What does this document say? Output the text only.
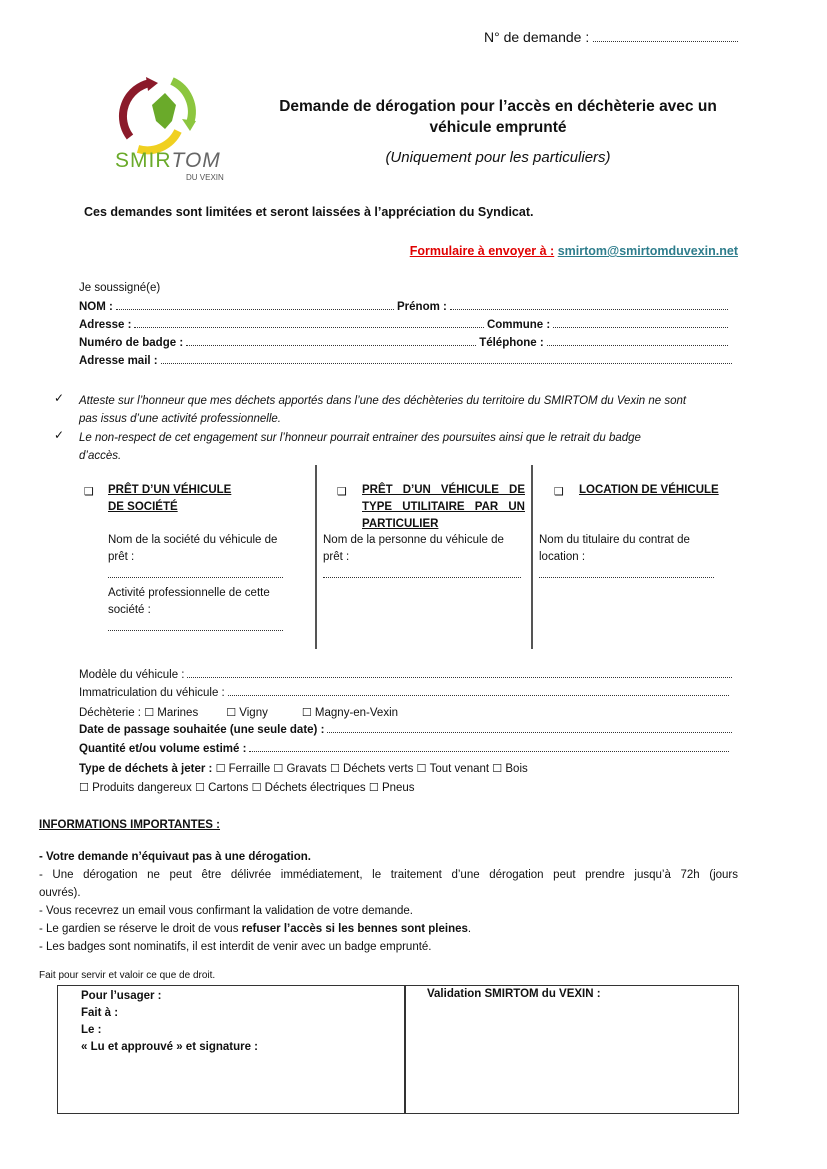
N° de demande :
SMIRTOM
DU VEXIN
Demande de dérogation pour l’accès en déchèterie avec un
véhicule emprunté
(Uniquement pour les particuliers)
Ces demandes sont limitées et seront laissées à l’appréciation du Syndicat.
Formulaire à envoyer à : smirtom@smirtomduvexin.net
Je soussigné(e)
NOM :	Prénom :
Adresse :	Commune :
Numéro de badge :	Téléphone :
Adresse mail :
✓ Atteste sur l’honneur que mes déchets apportés dans l’une des déchèteries du territoire du SMIRTOM du Vexin ne sont
pas issus d’une activité professionnelle.
✓ Le non-respect de cet engagement sur l’honneur pourrait entrainer des poursuites ainsi que le retrait du badge
d’accès.
❑ PRÊT D’UN VÉHICULE
DE SOCIÉTÉ
Nom de la société du véhicule de
prêt :
Activité professionnelle de cette
société :
❑ PRÊT D’UN VÉHICULE DE
TYPE UTILITAIRE PAR UN
PARTICULIER
Nom de la personne du véhicule de
prêt :
❑ LOCATION DE VÉHICULE
Nom du titulaire du contrat de
location :
Modèle du véhicule :
Immatriculation du véhicule :
Déchèterie :
☐
Marines	☐
Vigny	☐
Magny-en-Vexin
Date de passage souhaitée (une seule date) :
Quantité et/ou volume estimé :
Type de déchets à jeter :
☐
Ferraille
☐
Gravats
☐
Déchets verts
☐
Tout venant
☐
Bois
☐
Produits dangereux
☐
Cartons
☐
Déchets électriques
☐
Pneus
INFORMATIONS IMPORTANTES :
- Votre demande n’équivaut pas à une dérogation.
- Une dérogation ne peut être délivrée immédiatement, le traitement d’une dérogation peut prendre jusqu’à 72h (jours
ouvrés).
- Vous recevrez un email vous confirmant la validation de votre demande.
- Le gardien se réserve le droit de vous refuser l’accès si les bennes sont pleines.
- Les badges sont nominatifs, il est interdit de venir avec un badge emprunté.
Fait pour servir et valoir ce que de droit.
Pour l’usager :
Fait à :
Le :
« Lu et approuvé » et signature :
Validation SMIRTOM du VEXIN :
